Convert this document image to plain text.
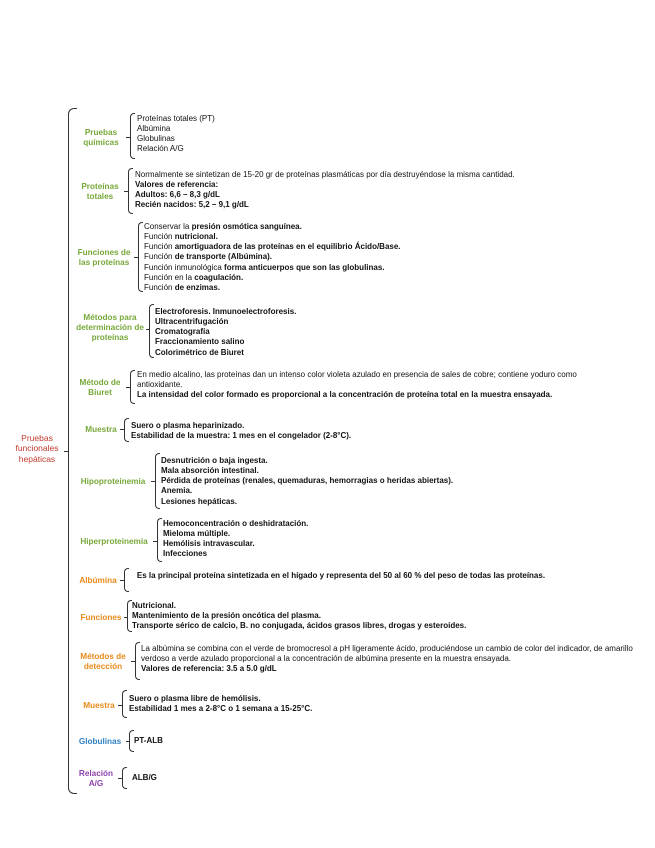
Pruebas funcionales hepáticas
Pruebas químicas
Proteínas totales (PT)
Albúmina
Globulinas
Relación A/G
Proteínas totales
Normalmente se sintetizan de 15-20 gr de proteínas plasmáticas por día destruyéndose la misma cantidad.
Valores de referencia:
Adultos: 6,6 – 8,3 g/dL
Recién nacidos: 5,2 – 9,1 g/dL
Funciones de las proteínas
Conservar la presión osmótica sanguínea.
Función nutricional.
Función amortiguadora de las proteínas en el equilibrio Ácido/Base.
Función de transporte (Albúmina).
Función inmunológica forma anticuerpos que son las globulinas.
Función en la coagulación.
Función de enzimas.
Métodos para determinación de proteínas
Electroforesis. Inmunoelectroforesis.
Ultracentrifugación
Cromatografía
Fraccionamiento salino
Colorimétrico de Biuret
Método de Biuret
En medio alcalino, las proteínas dan un intenso color violeta azulado en presencia de sales de cobre; contiene yoduro como antioxidante.
La intensidad del color formado es proporcional a la concentración de proteína total en la muestra ensayada.
Muestra	Suero o plasma heparinizado.
Estabilidad de la muestra: 1 mes en el congelador (2-8°C).
Hipoproteinemia
Desnutrición o baja ingesta.
Mala absorción intestinal.
Pérdida de proteínas (renales, quemaduras, hemorragias o heridas abiertas).
Anemia.
Lesiones hepáticas.
Hiperproteinemia
Hemoconcentración o deshidratación.
Mieloma múltiple.
Hemólisis intravascular.
Infecciones
Albúmina
Es la principal proteína sintetizada en el hígado y representa del 50 al 60 % del peso de todas las proteínas.
Funciones
Nutricional.
Mantenimiento de la presión oncótica del plasma.
Transporte sérico de calcio, B. no conjugada, ácidos grasos libres, drogas y esteroides.
Métodos de detección
La albúmina se combina con el verde de bromocresol a pH ligeramente ácido, produciéndose un cambio de color del indicador, de amarillo verdoso a verde azulado proporcional a la concentración de albúmina presente en la muestra ensayada.
Valores de referencia: 3.5 a 5.0 g/dL
Muestra
Suero o plasma libre de hemólisis.
Estabilidad 1 mes a 2-8°C o 1 semana a 15-25°C.
Globulinas	PT-ALB
Relación A/G
ALB/G
